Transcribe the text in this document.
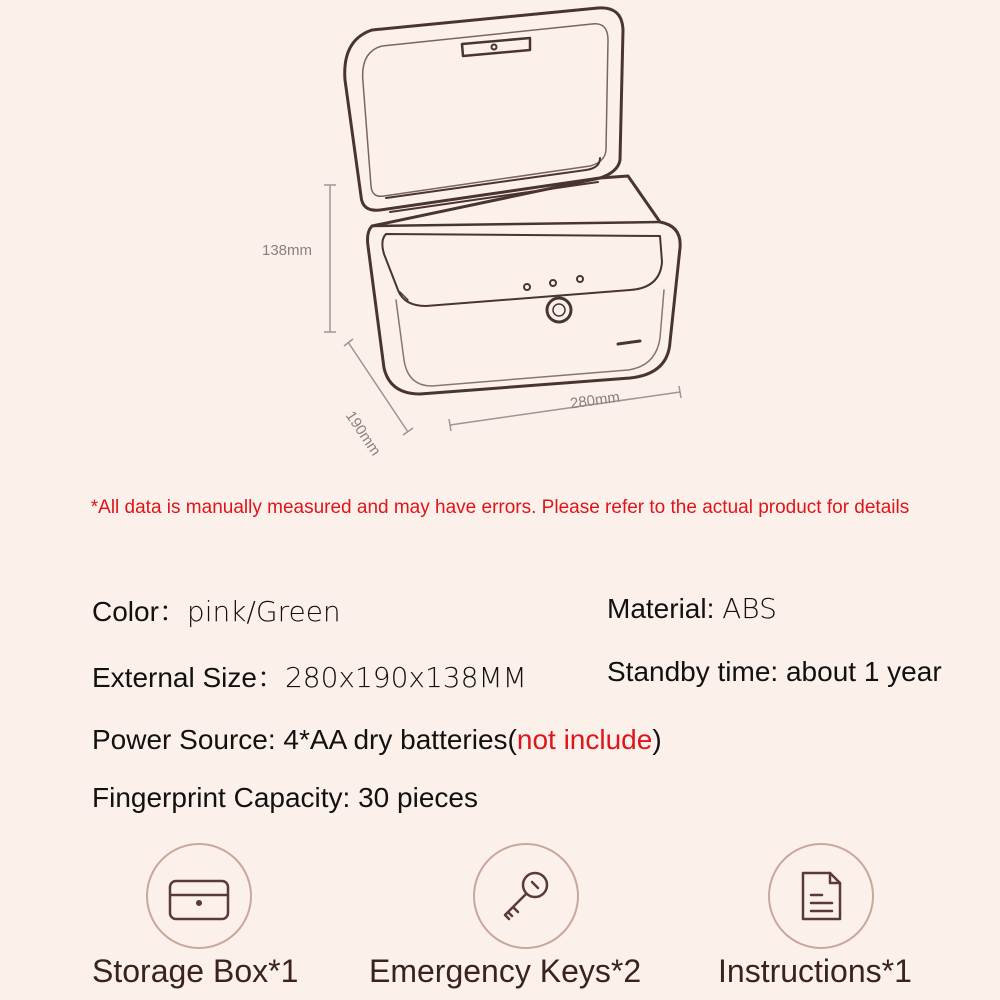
138mm
190mm
280mm
*All data is manually measured and may have errors. Please refer to the actual product for details
Color：pink/Green	Material: ABS
External Size：280x190x138MM	Standby time: about 1 year
Power Source: 4*AA dry batteries(not include)
Fingerprint Capacity: 30 pieces
Storage Box*1 Emergency Keys*2 Instructions*1
